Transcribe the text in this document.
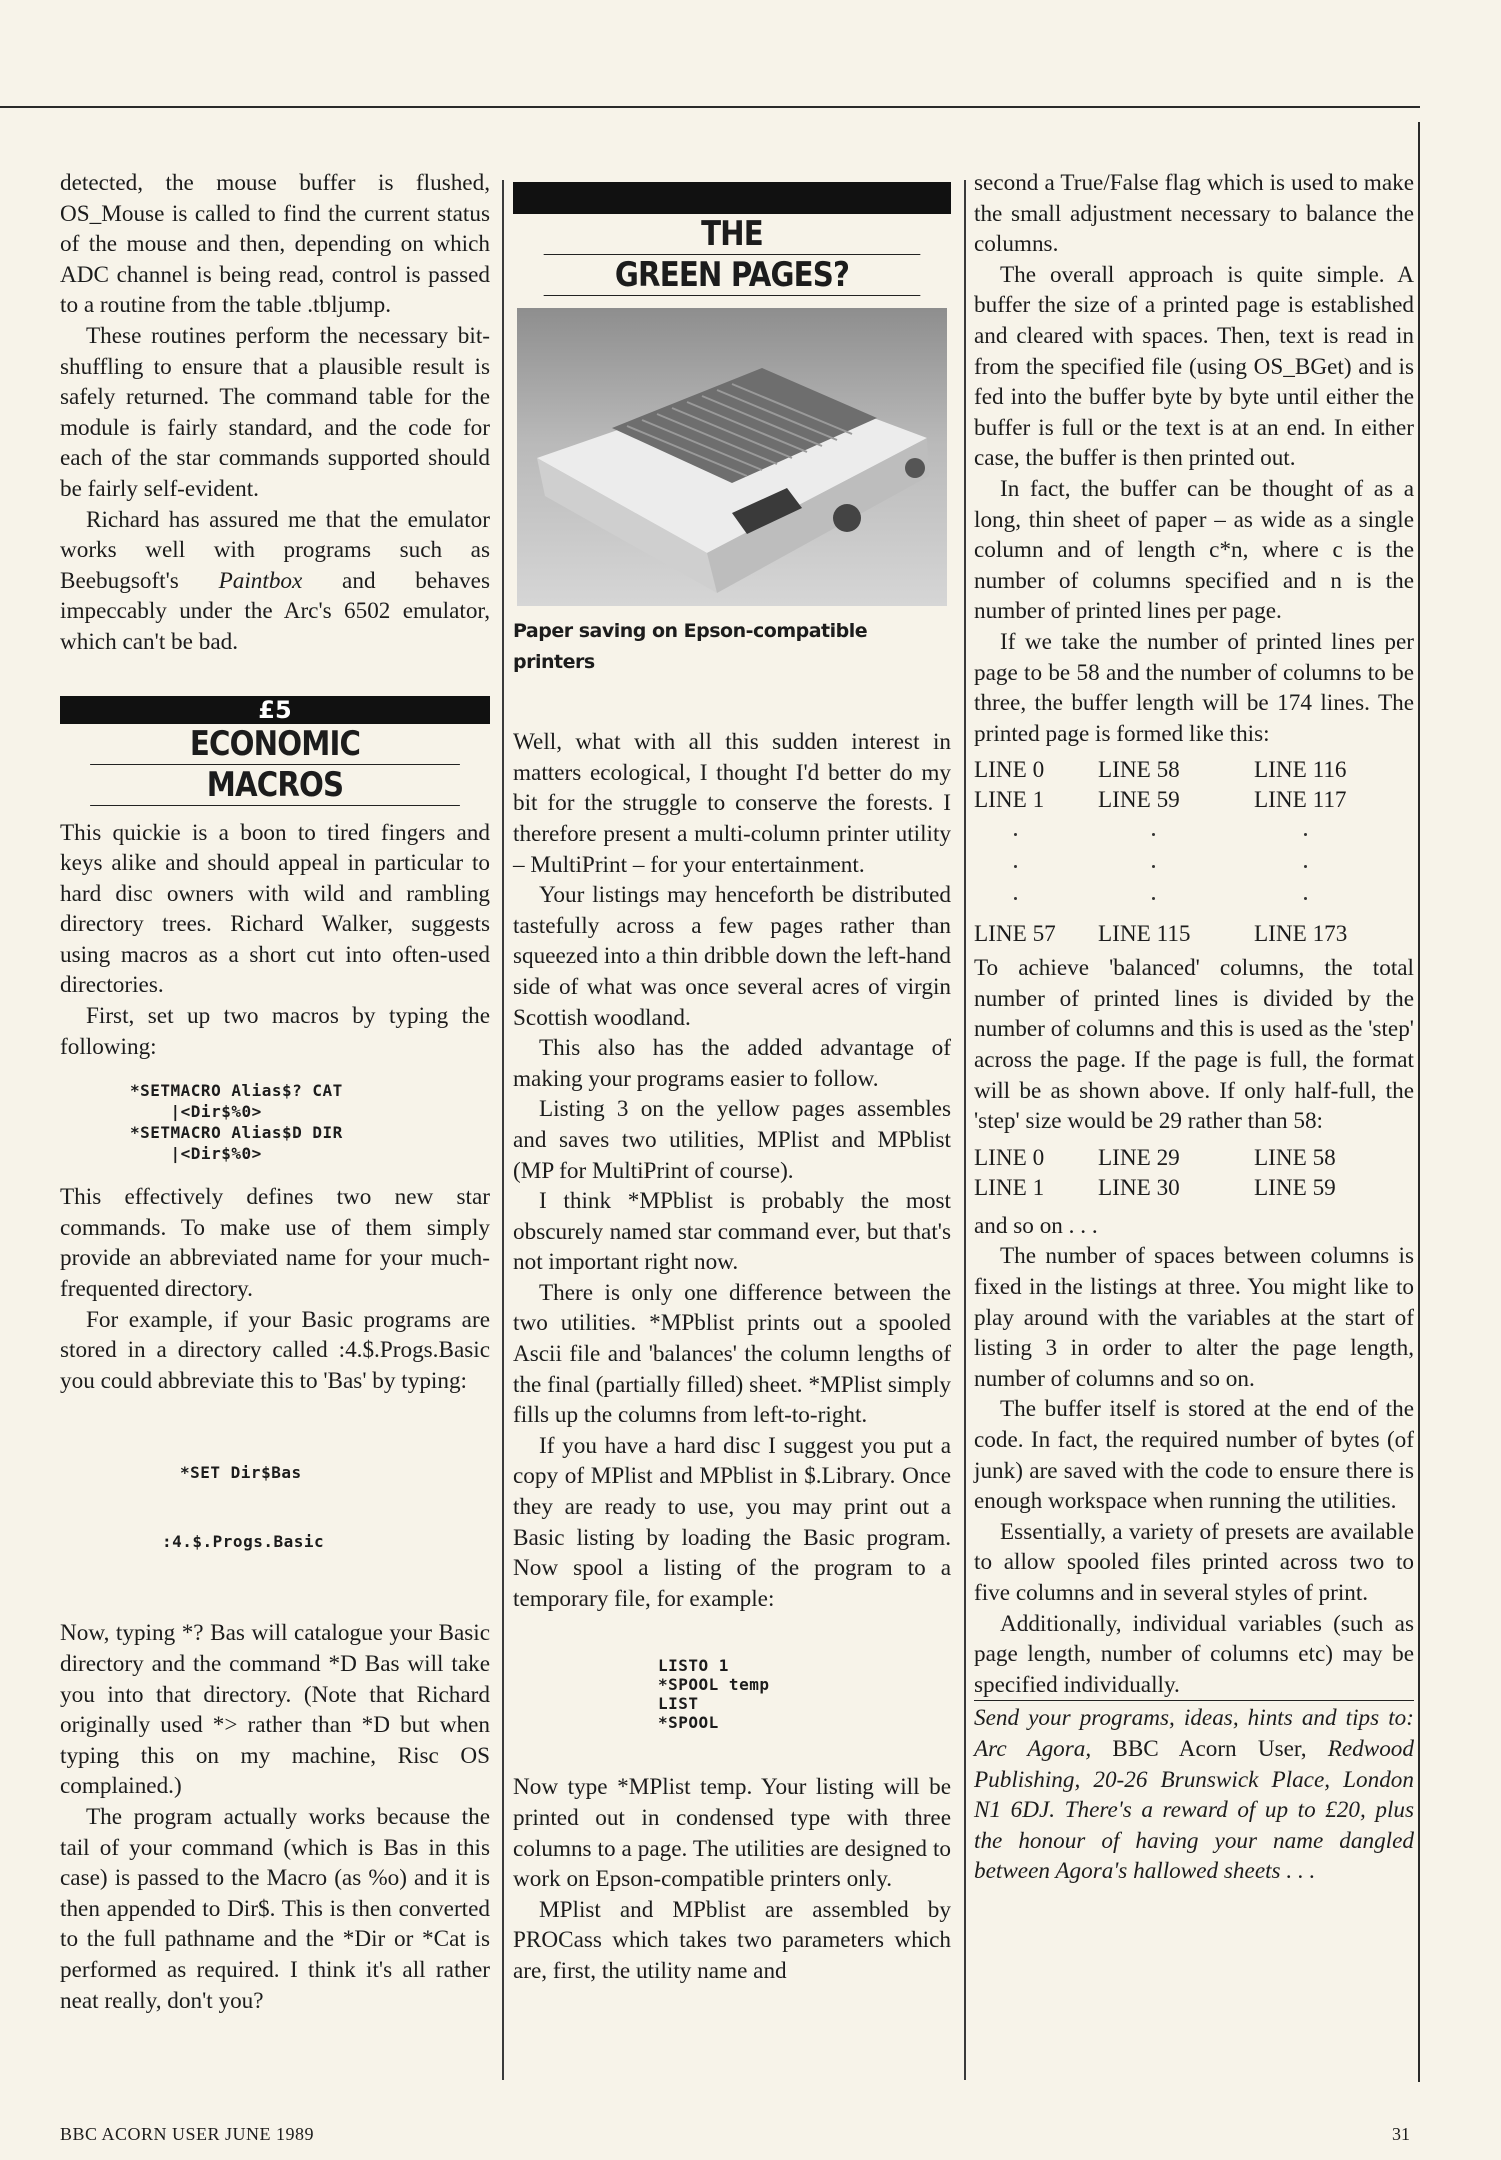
detected, the mouse buffer is flushed, OS_Mouse is called to find the current status of the mouse and then, depending on which ADC channel is being read, control is passed to a routine from the table .tbljump.

These routines perform the necessary bit-shuffling to ensure that a plausible result is safely returned. The command table for the module is fairly standard, and the code for each of the star commands supported should be fairly self-evident.

Richard has assured me that the emulator works well with programs such as Beebugsoft's Paintbox and behaves impeccably under the Arc's 6502 emulator, which can't be bad.

£5
ECONOMIC
MACROS

This quickie is a boon to tired fingers and keys alike and should appeal in particular to hard disc owners with wild and rambling directory trees. Richard Walker, suggests using macros as a short cut into often-used directories.

First, set up two macros by typing the following:

*SETMACRO Alias$? CAT
|<Dir$%0>
*SETMACRO Alias$D DIR
|<Dir$%0>

This effectively defines two new star commands. To make use of them simply provide an abbreviated name for your much-frequented directory.

For example, if your Basic programs are stored in a directory called :4.$.Progs.Basic you could abbreviate this to 'Bas' by typing:

*SET Dir$Bas

:4.$.Progs.Basic

Now, typing *? Bas will catalogue your Basic directory and the command *D Bas will take you into that directory. (Note that Richard originally used *> rather than *D but when typing this on my machine, Risc OS complained.)

The program actually works because the tail of your command (which is Bas in this case) is passed to the Macro (as %o) and it is then appended to Dir$. This is then converted to the full pathname and the *Dir or *Cat is performed as required. I think it's all rather neat really, don't you?

THE
GREEN PAGES?
Paper saving on Epson-compatible printers

Well, what with all this sudden interest in matters ecological, I thought I'd better do my bit for the struggle to conserve the forests. I therefore present a multi-column printer utility – MultiPrint – for your entertainment.

Your listings may henceforth be distributed tastefully across a few pages rather than squeezed into a thin dribble down the left-hand side of what was once several acres of virgin Scottish woodland.

This also has the added advantage of making your programs easier to follow.

Listing 3 on the yellow pages assembles and saves two utilities, MPlist and MPblist (MP for MultiPrint of course).

I think *MPblist is probably the most obscurely named star command ever, but that's not important right now.

There is only one difference between the two utilities. *MPblist prints out a spooled Ascii file and 'balances' the column lengths of the final (partially filled) sheet. *MPlist simply fills up the columns from left-to-right.

If you have a hard disc I suggest you put a copy of MPlist and MPblist in $.Library. Once they are ready to use, you may print out a Basic listing by loading the Basic program. Now spool a listing of the program to a temporary file, for example:

LISTO 1
*SPOOL temp
LIST
*SPOOL

Now type *MPlist temp. Your listing will be printed out in condensed type with three columns to a page. The utilities are designed to work on Epson-compatible printers only.

MPlist and MPblist are assembled by PROCass which takes two parameters which are, first, the utility name and

second a True/False flag which is used to make the small adjustment necessary to balance the columns.

The overall approach is quite simple. A buffer the size of a printed page is established and cleared with spaces. Then, text is read in from the specified file (using OS_BGet) and is fed into the buffer byte by byte until either the buffer is full or the text is at an end. In either case, the buffer is then printed out.

In fact, the buffer can be thought of as a long, thin sheet of paper – as wide as a single column and of length c*n, where c is the number of columns specified and n is the number of printed lines per page.

If we take the number of printed lines per page to be 58 and the number of columns to be three, the buffer length will be 174 lines. The printed page is formed like this:

LINE 0	LINE 58	LINE 116
LINE 1	LINE 59	LINE 117
LINE 57	LINE 115	LINE 173

To achieve 'balanced' columns, the total number of printed lines is divided by the number of columns and this is used as the 'step' across the page. If the page is full, the format will be as shown above. If only half-full, the 'step' size would be 29 rather than 58:

LINE 0	LINE 29	LINE 58
LINE 1	LINE 30	LINE 59

and so on . . .

The number of spaces between columns is fixed in the listings at three. You might like to play around with the variables at the start of listing 3 in order to alter the page length, number of columns and so on.

The buffer itself is stored at the end of the code. In fact, the required number of bytes (of junk) are saved with the code to ensure there is enough workspace when running the utilities.

Essentially, a variety of presets are available to allow spooled files printed across two to five columns and in several styles of print.

Additionally, individual variables (such as page length, number of columns etc) may be specified individually.

Send your programs, ideas, hints and tips to: Arc Agora, BBC Acorn User, Redwood Publishing, 20-26 Brunswick Place, London N1 6DJ. There's a reward of up to £20, plus the honour of having your name dangled between Agora's hallowed sheets . . .

BBC ACORN USER JUNE 1989	31
